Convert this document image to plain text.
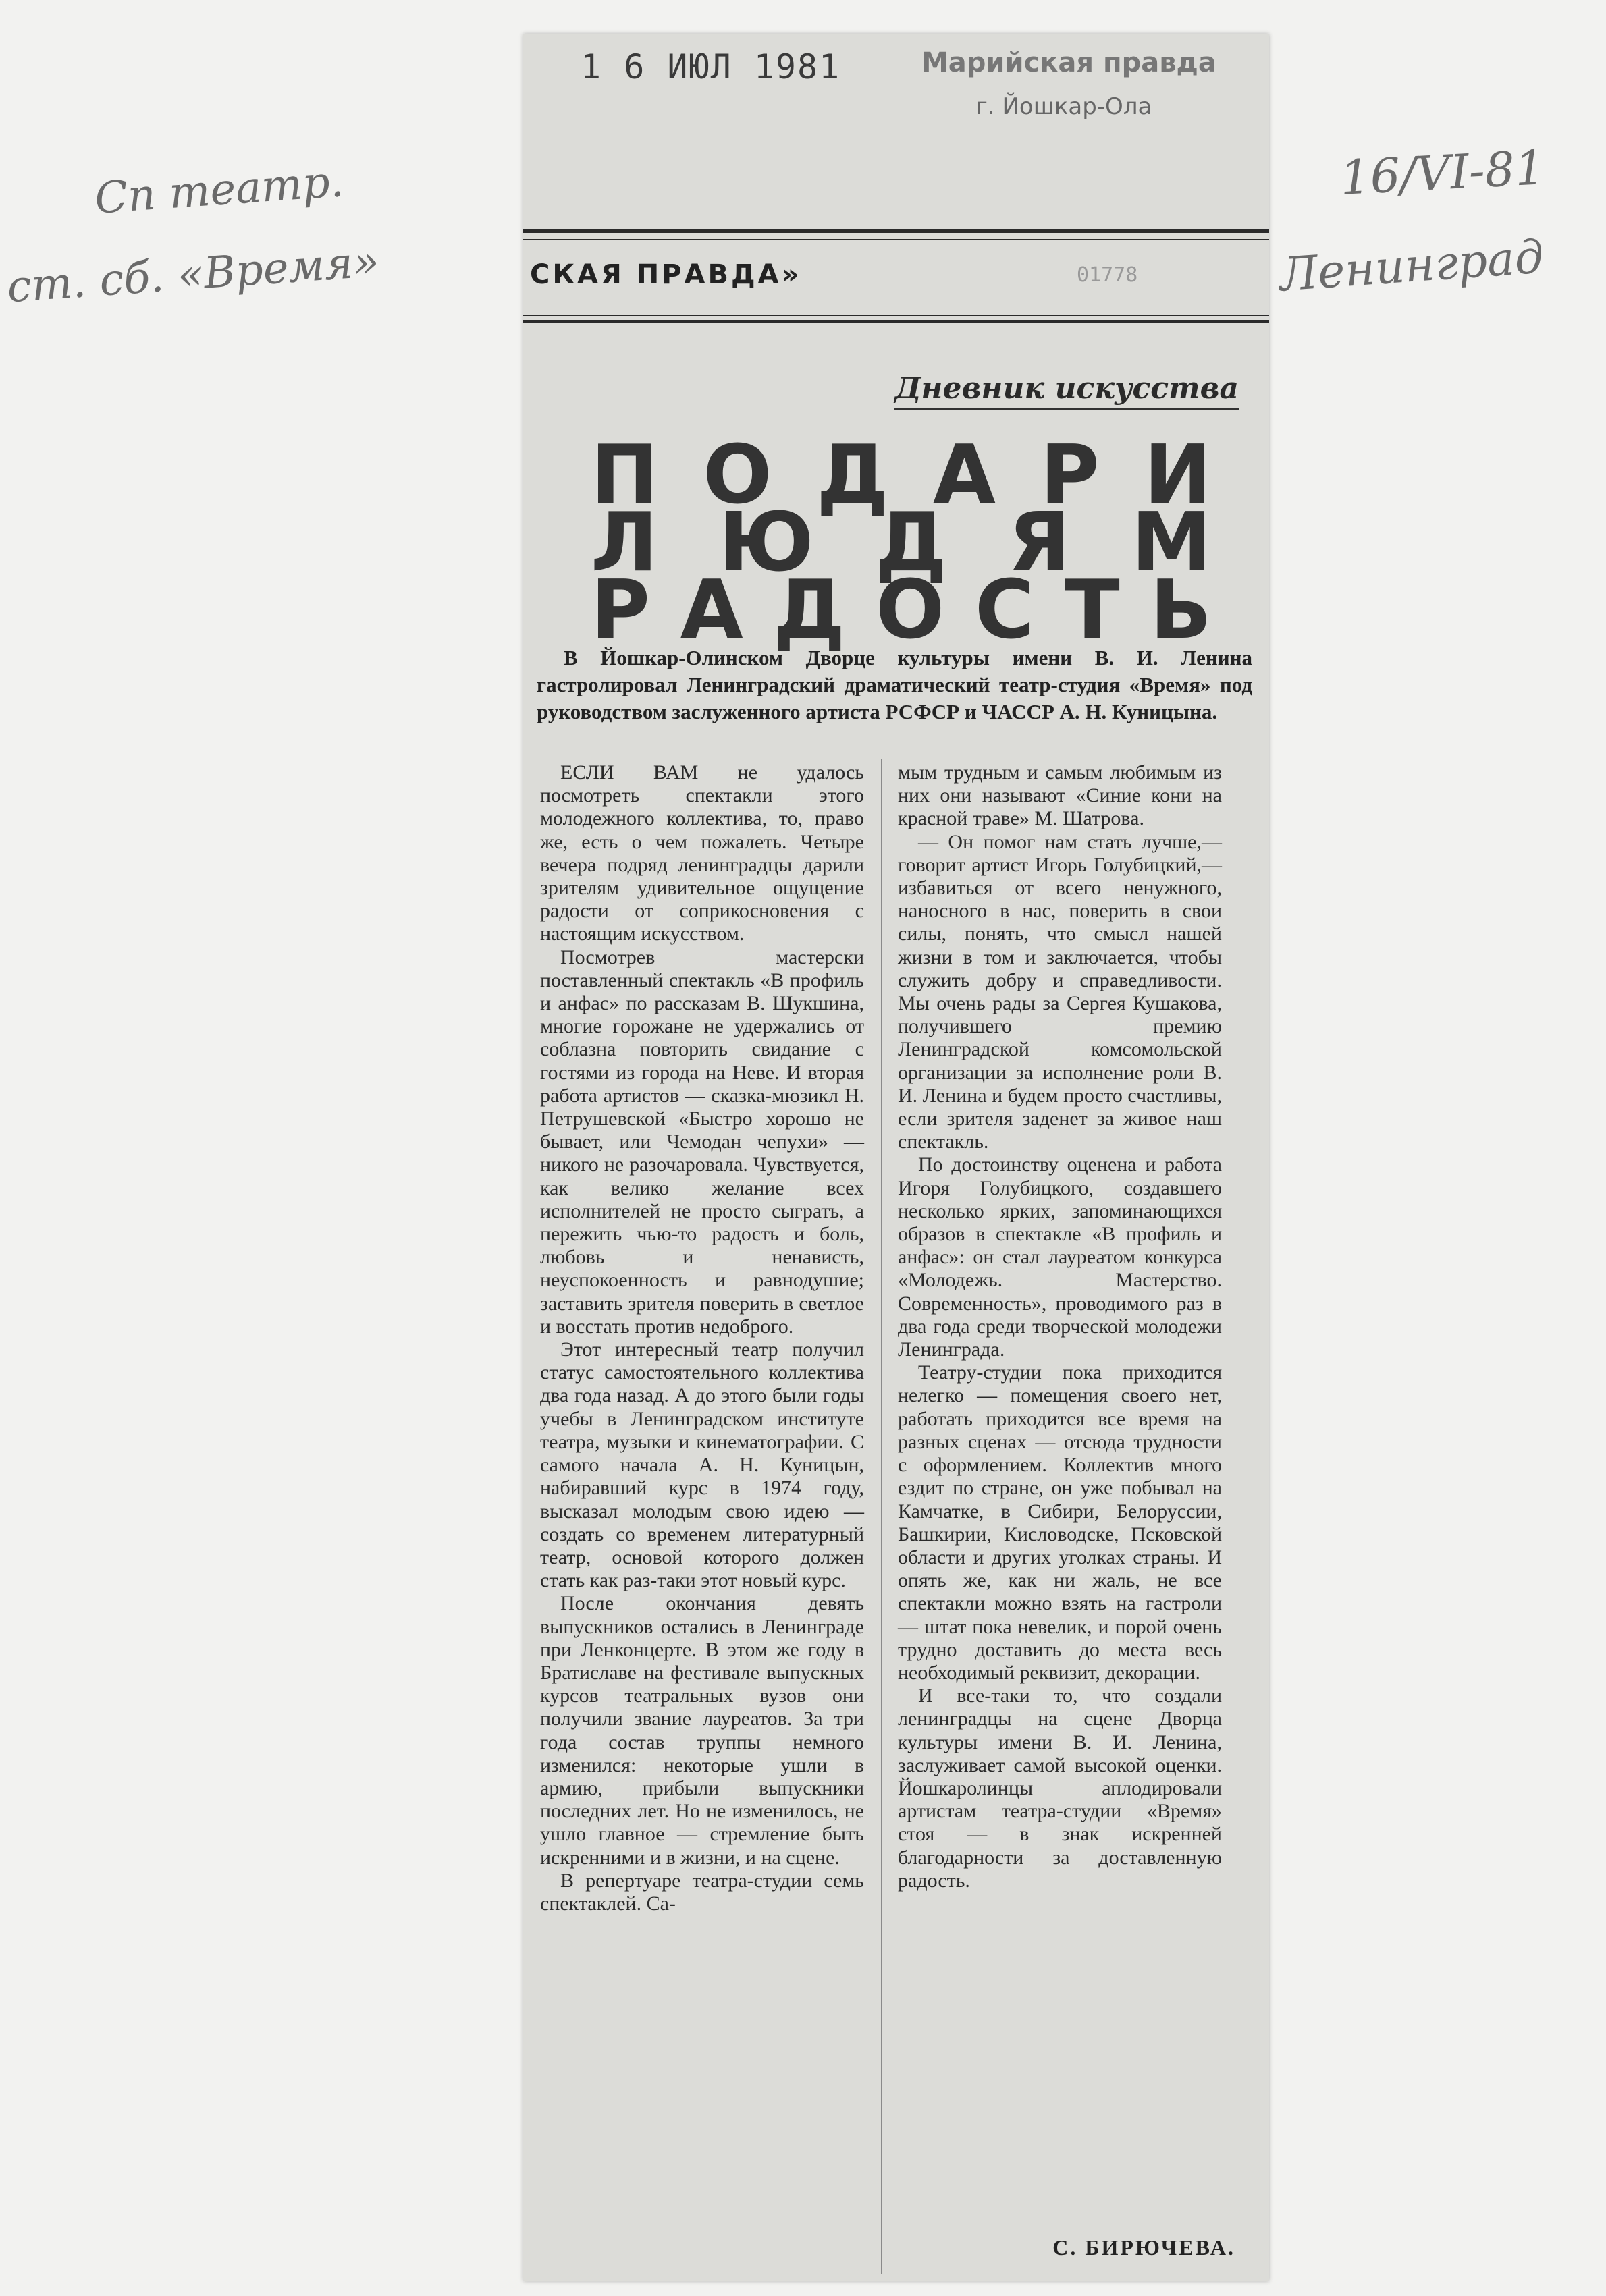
Сп театр.
ст. сб. «Время»
16/VI-81
Ленинград
1 6 ИЮЛ 1981	Марийская правда
г. Йошкар-Ола
СКАЯ ПРАВДА»	01778
Дневник искусства
П О Д А Р И
Л Ю Д Я М
Р А Д О С Т Ь
В Йошкар-Олинском Дворце культуры имени В. И. Ленина гастролировал Ленинградский драматический театр-студия «Время» под руководством заслуженного артиста РСФСР и ЧАССР А. Н. Куницына.

ЕСЛИ ВАМ не удалось посмотреть спектакли этого молодежного коллектива, то, право же, есть о чем пожалеть. Четыре вечера подряд ленинградцы дарили зрителям удивительное ощущение радости от соприкосновения с настоящим искусством.

Посмотрев мастерски поставленный спектакль «В профиль и анфас» по рассказам В. Шукшина, многие горожане не удержались от соблазна повторить свидание с гостями из города на Неве. И вторая работа артистов — сказка-мюзикл Н. Петрушевской «Быстро хорошо не бывает, или Чемодан чепухи» — никого не разочаровала. Чувствуется, как велико желание всех исполнителей не просто сыграть, а пережить чью-то радость и боль, любовь и ненависть, неуспокоенность и равнодушие; заставить зрителя поверить в светлое и восстать против недоброго.

Этот интересный театр получил статус самостоятельного коллектива два года назад. А до этого были годы учебы в Ленинградском институте театра, музыки и кинематографии. С самого начала А. Н. Куницын, набиравший курс в 1974 году, высказал молодым свою идею — создать со временем литературный театр, основой которого должен стать как раз-таки этот новый курс.

После окончания девять выпускников остались в Ленинграде при Ленконцерте. В этом же году в Братиславе на фестивале выпускных курсов театральных вузов они получили звание лауреатов. За три года состав труппы немного изменился: некоторые ушли в армию, прибыли выпускники последних лет. Но не изменилось, не ушло главное — стремление быть искренними и в жизни, и на сцене.

В репертуаре театра-студии семь спектаклей. Са-

мым трудным и самым любимым из них они называют «Синие кони на красной траве» М. Шатрова.

— Он помог нам стать лучше,— говорит артист Игорь Голубицкий,— избавиться от всего ненужного, наносного в нас, поверить в свои силы, понять, что смысл нашей жизни в том и заключается, чтобы служить добру и справедливости. Мы очень рады за Сергея Кушакова, получившего премию Ленинградской комсомольской организации за исполнение роли В. И. Ленина и будем просто счастливы, если зрителя заденет за живое наш спектакль.

По достоинству оценена и работа Игоря Голубицкого, создавшего несколько ярких, запоминающихся образов в спектакле «В профиль и анфас»: он стал лауреатом конкурса «Молодежь. Мастерство. Современность», проводимого раз в два года среди творческой молодежи Ленинграда.

Театру-студии пока приходится нелегко — помещения своего нет, работать приходится все время на разных сценах — отсюда трудности с оформлением. Коллектив много ездит по стране, он уже побывал на Камчатке, в Сибири, Белоруссии, Башкирии, Кисловодске, Псковской области и других уголках страны. И опять же, как ни жаль, не все спектакли можно взять на гастроли — штат пока невелик, и порой очень трудно доставить до места весь необходимый реквизит, декорации.

И все-таки то, что создали ленинградцы на сцене Дворца культуры имени В. И. Ленина, заслуживает самой высокой оценки. Йошкаролинцы аплодировали артистам театра-студии «Время» стоя — в знак искренней благодарности за доставленную радость.

С. БИРЮЧЕВА.
